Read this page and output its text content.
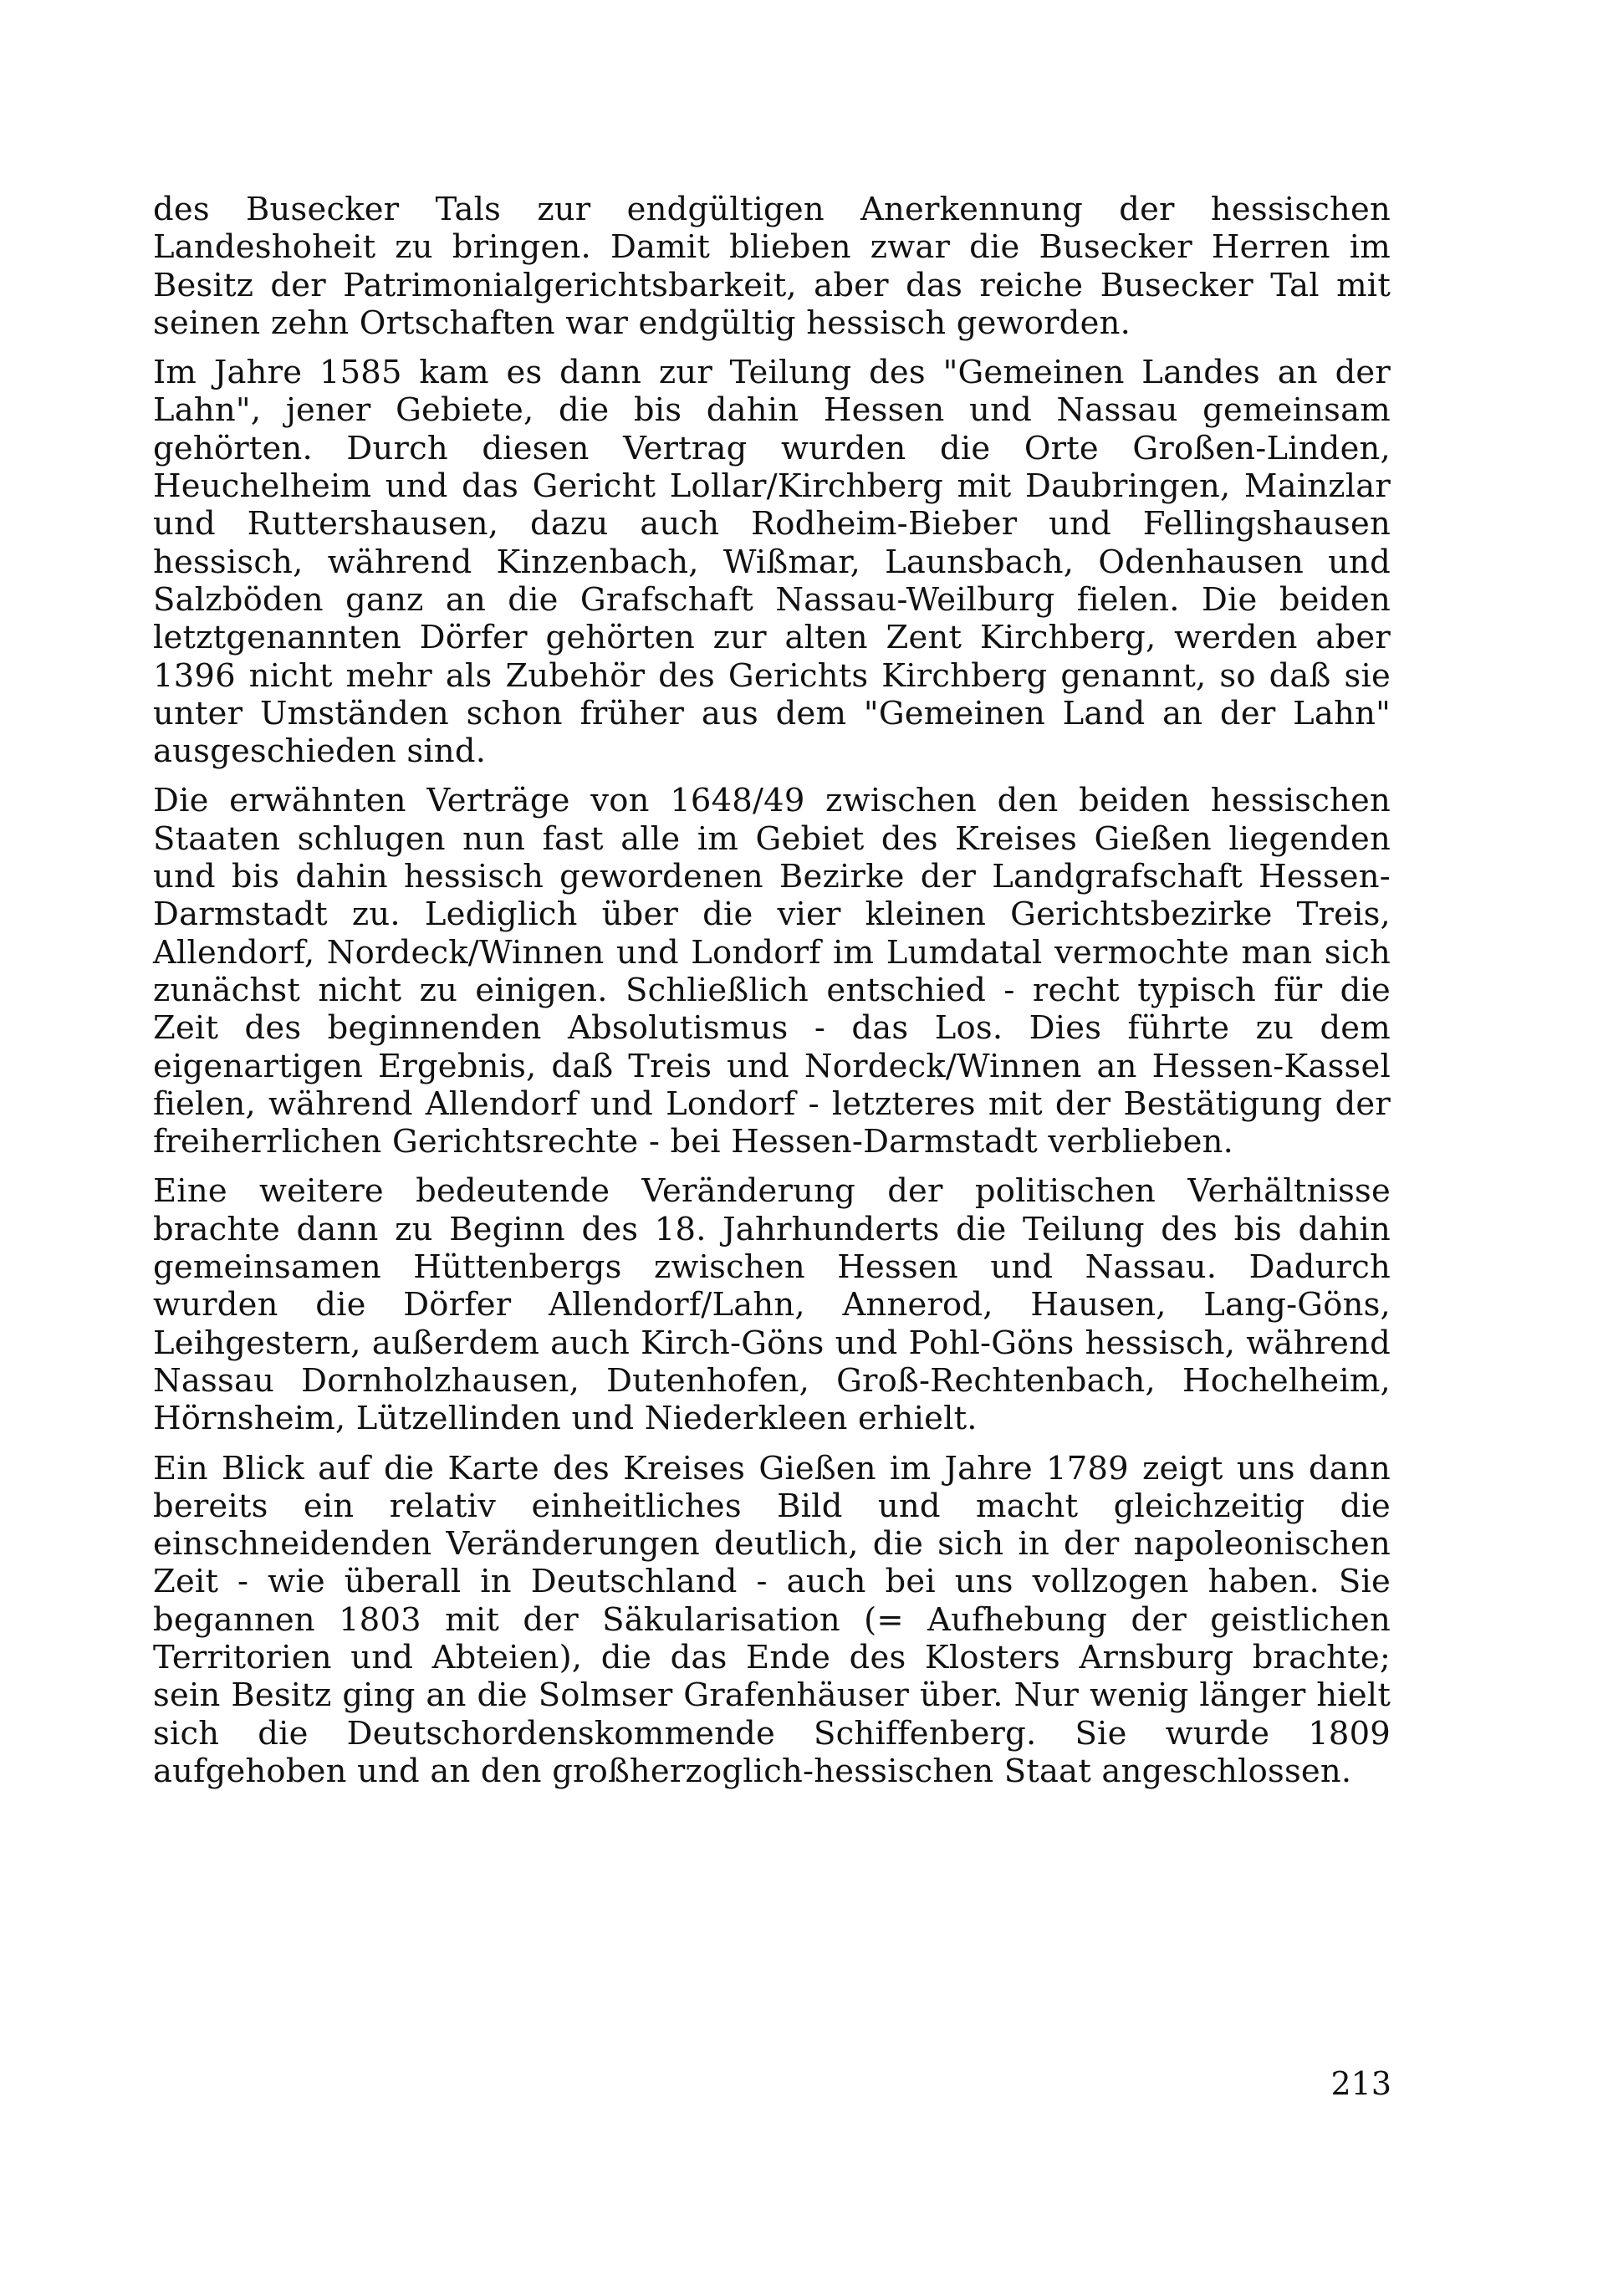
des Busecker Tals zur endgültigen Anerkennung der hessischen Landeshoheit zu bringen. Damit blieben zwar die Busecker Herren im Besitz der Patrimonialgerichtsbarkeit, aber das reiche Busecker Tal mit seinen zehn Ortschaften war endgültig hessisch geworden.

Im Jahre 1585 kam es dann zur Teilung des "Gemeinen Landes an der Lahn", jener Gebiete, die bis dahin Hessen und Nassau gemeinsam gehörten. Durch diesen Vertrag wurden die Orte Großen-Linden, Heuchelheim und das Gericht Lollar/Kirchberg mit Daubringen, Mainzlar und Ruttershausen, dazu auch Rodheim-Bieber und Fellingshausen hessisch, während Kinzenbach, Wißmar, Launsbach, Odenhausen und Salzböden ganz an die Grafschaft Nassau-Weilburg fielen. Die beiden letztgenannten Dörfer gehörten zur alten Zent Kirchberg, werden aber 1396 nicht mehr als Zubehör des Gerichts Kirchberg genannt, so daß sie unter Umständen schon früher aus dem "Gemeinen Land an der Lahn" ausgeschieden sind.

Die erwähnten Verträge von 1648/49 zwischen den beiden hessischen Staaten schlugen nun fast alle im Gebiet des Kreises Gießen liegenden und bis dahin hessisch gewordenen Bezirke der Landgrafschaft Hessen-Darmstadt zu. Lediglich über die vier kleinen Gerichtsbezirke Treis, Allendorf, Nordeck/Winnen und Londorf im Lumdatal vermochte man sich zunächst nicht zu einigen. Schließlich entschied - recht typisch für die Zeit des beginnenden Absolutismus - das Los. Dies führte zu dem eigenartigen Ergebnis, daß Treis und Nordeck/Winnen an Hessen-Kassel fielen, während Allendorf und Londorf - letzteres mit der Bestätigung der freiherrlichen Gerichtsrechte - bei Hessen-Darmstadt verblieben.

Eine weitere bedeutende Veränderung der politischen Verhältnisse brachte dann zu Beginn des 18. Jahrhunderts die Teilung des bis dahin gemeinsamen Hüttenbergs zwischen Hessen und Nassau. Dadurch wurden die Dörfer Allendorf/Lahn, Annerod, Hausen, Lang-Göns, Leihgestern, außerdem auch Kirch-Göns und Pohl-Göns hessisch, während Nassau Dornholzhausen, Dutenhofen, Groß-Rechtenbach, Hochelheim, Hörnsheim, Lützellinden und Niederkleen erhielt.

Ein Blick auf die Karte des Kreises Gießen im Jahre 1789 zeigt uns dann bereits ein relativ einheitliches Bild und macht gleichzeitig die einschneidenden Veränderungen deutlich, die sich in der napoleonischen Zeit - wie überall in Deutschland - auch bei uns vollzogen haben. Sie begannen 1803 mit der Säkularisation (= Aufhebung der geistlichen Territorien und Abteien), die das Ende des Klosters Arnsburg brachte; sein Besitz ging an die Solmser Grafenhäuser über. Nur wenig länger hielt sich die Deutschordenskommende Schiffenberg. Sie wurde 1809 aufgehoben und an den großherzoglich-hessischen Staat angeschlossen.

213
